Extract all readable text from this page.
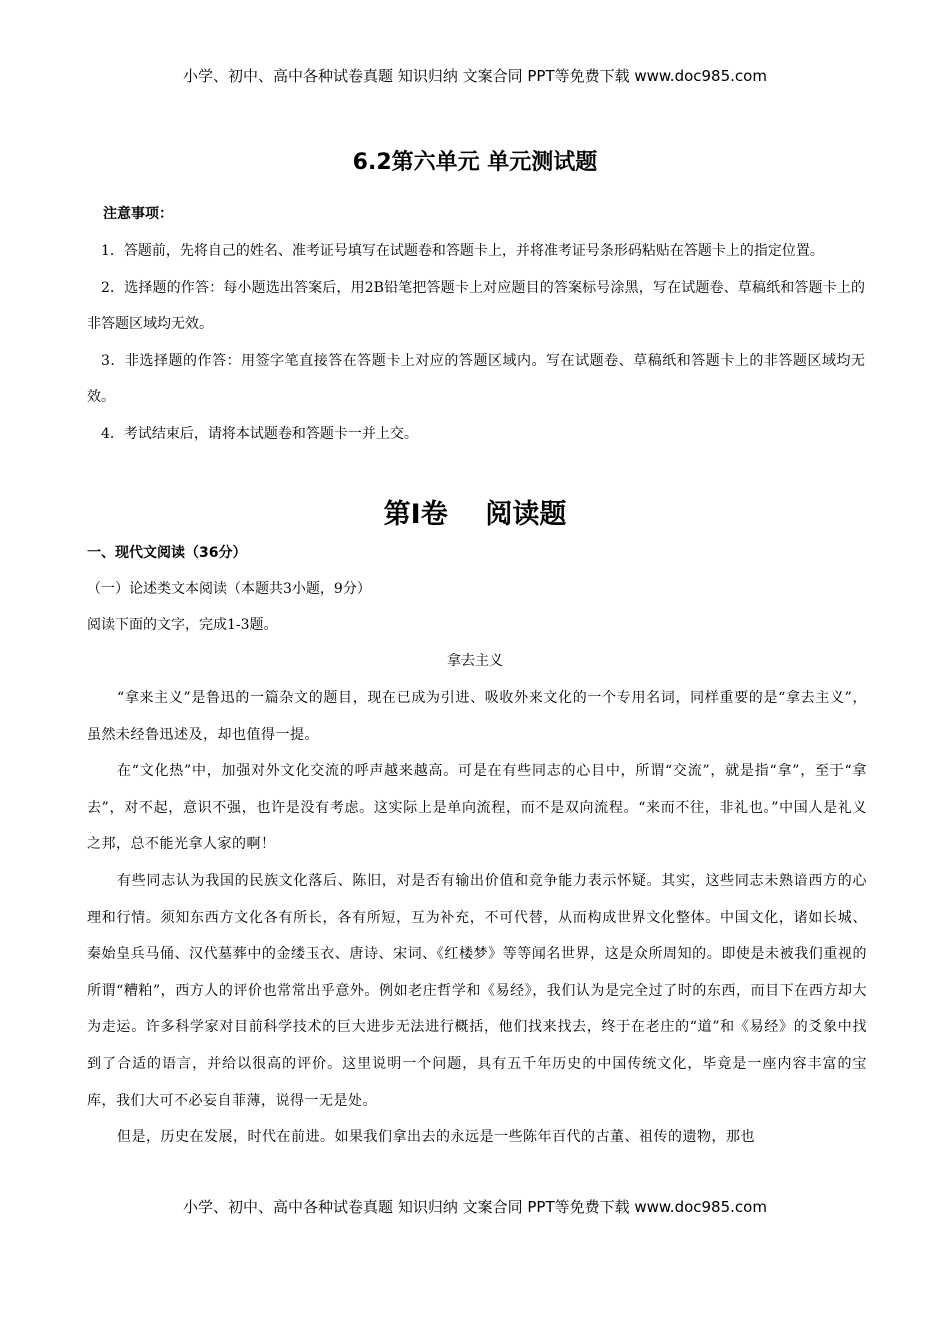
小学、初中、高中各种试卷真题 知识归纳 文案合同 PPT等免费下载 www.doc985.com
6.2第六单元 单元测试题
注意事项：

1．答题前，先将自己的姓名、准考证号填写在试题卷和答题卡上，并将准考证号条形码粘贴在答题卡上的指定位置。

2．选择题的作答：每小题选出答案后，用2B铅笔把答题卡上对应题目的答案标号涂黑，写在试题卷、草稿纸和答题卡上的非答题区域均无效。

3．非选择题的作答：用签字笔直接答在答题卡上对应的答题区域内。写在试题卷、草稿纸和答题卡上的非答题区域均无效。

4．考试结束后，请将本试题卷和答题卡一并上交。

第Ⅰ卷    阅读题
一、现代文阅读（36分）
（一）论述类文本阅读（本题共3小题，9分）
阅读下面的文字，完成1-3题。
拿去主义

“拿来主义”是鲁迅的一篇杂文的题目，现在已成为引进、吸收外来文化的一个专用名词，同样重要的是“拿去主义”，虽然未经鲁迅述及，却也值得一提。

在“文化热”中，加强对外文化交流的呼声越来越高。可是在有些同志的心目中，所谓“交流”，就是指“拿”，至于“拿去”，对不起，意识不强，也许是没有考虑。这实际上是单向流程，而不是双向流程。“来而不往，非礼也。”中国人是礼义之邦，总不能光拿人家的啊！

有些同志认为我国的民族文化落后、陈旧，对是否有输出价值和竞争能力表示怀疑。其实，这些同志未熟谙西方的心理和行情。须知东西方文化各有所长，各有所短，互为补充，不可代替，从而构成世界文化整体。中国文化，诸如长城、秦始皇兵马俑、汉代墓葬中的金缕玉衣、唐诗、宋词、《红楼梦》等等闻名世界，这是众所周知的。即使是未被我们重视的所谓“糟粕”，西方人的评价也常常出乎意外。例如老庄哲学和《易经》，我们认为是完全过了时的东西，而目下在西方却大为走运。许多科学家对目前科学技术的巨大进步无法进行概括，他们找来找去，终于在老庄的“道”和《易经》的爻象中找到了合适的语言，并给以很高的评价。这里说明一个问题，具有五千年历史的中国传统文化，毕竟是一座内容丰富的宝库，我们大可不必妄自菲薄，说得一无是处。

但是，历史在发展，时代在前进。如果我们拿出去的永远是一些陈年百代的古董、祖传的遗物，那也

小学、初中、高中各种试卷真题 知识归纳 文案合同 PPT等免费下载 www.doc985.com
